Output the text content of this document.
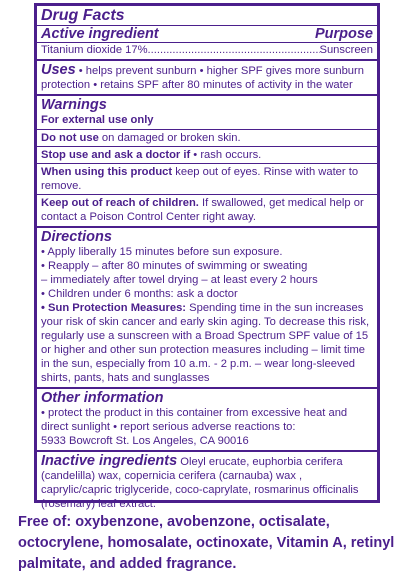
Drug Facts
Active ingredient	Purpose
Titanium dioxide 17%
.....	Sunscreen
Uses • helps prevent sunburn • higher SPF gives more sunburn protection • retains SPF after 80 minutes of activity in the water
Warnings
For external use only
Do not use on damaged or broken skin.
Stop use and ask a doctor if • rash occurs.
When using this product keep out of eyes. Rinse with water to remove.
Keep out of reach of children. If swallowed, get medical help or contact a Poison Control Center right away.
Directions
• Apply liberally 15 minutes before sun exposure.
• Reapply – after 80 minutes of swimming or sweating
– immediately after towel drying – at least every 2 hours
• Children under 6 months: ask a doctor
• Sun Protection Measures: Spending time in the sun increases your risk of skin cancer and early skin aging. To decrease this risk, regularly use a sunscreen with a Broad Spectrum SPF value of 15 or higher and other sun protection measures including – limit time in the sun, especially from 10 a.m. - 2 p.m. – wear long-sleeved shirts, pants, hats and sunglasses
Other information
• protect the product in this container from excessive heat and direct sunlight • report serious adverse reactions to:
5933 Bowcroft St. Los Angeles, CA 90016
Inactive ingredients Oleyl erucate, euphorbia cerifera (candelilla) wax, copernicia cerifera (carnauba) wax , caprylic/capric triglyceride, coco-caprylate, rosmarinus officinalis (rosemary) leaf extract.
Free of: oxybenzone, avobenzone, octisalate, octocrylene, homosalate, octinoxate, Vitamin A, retinyl palmitate, and added fragrance.
